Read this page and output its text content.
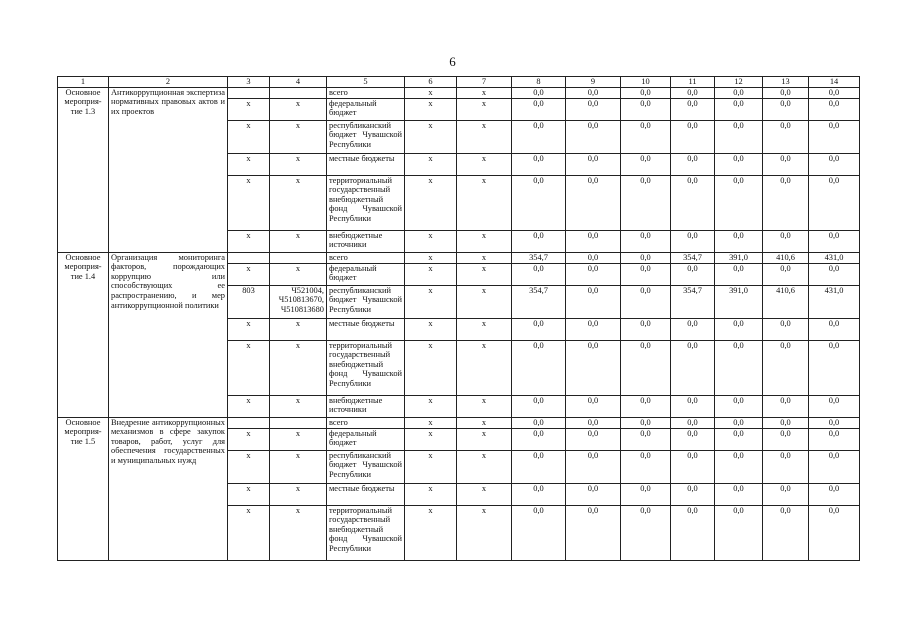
6
1	2	3	4	5	6	7	8	9	10	11	12	13	14

Основное
мероприя-
тие 1.3	Антикоррупционная экспертиза нормативных правовых актов и их проектов			всего	x	x	0,0	0,0	0,0	0,0	0,0	0,0	0,0
		x	x	федеральный бюджет	x	x	0,0	0,0	0,0	0,0	0,0	0,0	0,0
		x	x	республиканский бюджет Чувашской Республики	x	x	0,0	0,0	0,0	0,0	0,0	0,0	0,0
		x	x	местные бюджеты	x	x	0,0	0,0	0,0	0,0	0,0	0,0	0,0
		x	x	территориальный государственный внебюджетный фонд Чувашской Республики	x	x	0,0	0,0	0,0	0,0	0,0	0,0	0,0
		x	x	внебюджетные источники	x	x	0,0	0,0	0,0	0,0	0,0	0,0	0,0

Основное
мероприя-
тие 1.4	Организация мониторинга факторов, порождающих коррупцию или способствующих ее распространению, и мер антикоррупционной политики			всего	x	x	354,7	0,0	0,0	354,7	391,0	410,6	431,0
		x	x	федеральный бюджет	x	x	0,0	0,0	0,0	0,0	0,0	0,0	0,0
		803	Ч521004,
Ч510813670,
Ч510813680	республиканский бюджет Чувашской Республики	x	x	354,7	0,0	0,0	354,7	391,0	410,6	431,0
		x	x	местные бюджеты	x	x	0,0	0,0	0,0	0,0	0,0	0,0	0,0
		x	x	территориальный государственный внебюджетный фонд Чувашской Республики	x	x	0,0	0,0	0,0	0,0	0,0	0,0	0,0
		x	x	внебюджетные источники	x	x	0,0	0,0	0,0	0,0	0,0	0,0	0,0

Основное
мероприя-
тие 1.5	Внедрение антикоррупционных механизмов в сфере закупок товаров, работ, услуг для обеспечения государственных и муниципальных нужд			всего	x	x	0,0	0,0	0,0	0,0	0,0	0,0	0,0
		x	x	федеральный бюджет	x	x	0,0	0,0	0,0	0,0	0,0	0,0	0,0
		x	x	республиканский бюджет Чувашской Республики	x	x	0,0	0,0	0,0	0,0	0,0	0,0	0,0
		x	x	местные бюджеты	x	x	0,0	0,0	0,0	0,0	0,0	0,0	0,0
		x	x	территориальный государственный внебюджетный фонд Чувашской Республики	x	x	0,0	0,0	0,0	0,0	0,0	0,0	0,0
